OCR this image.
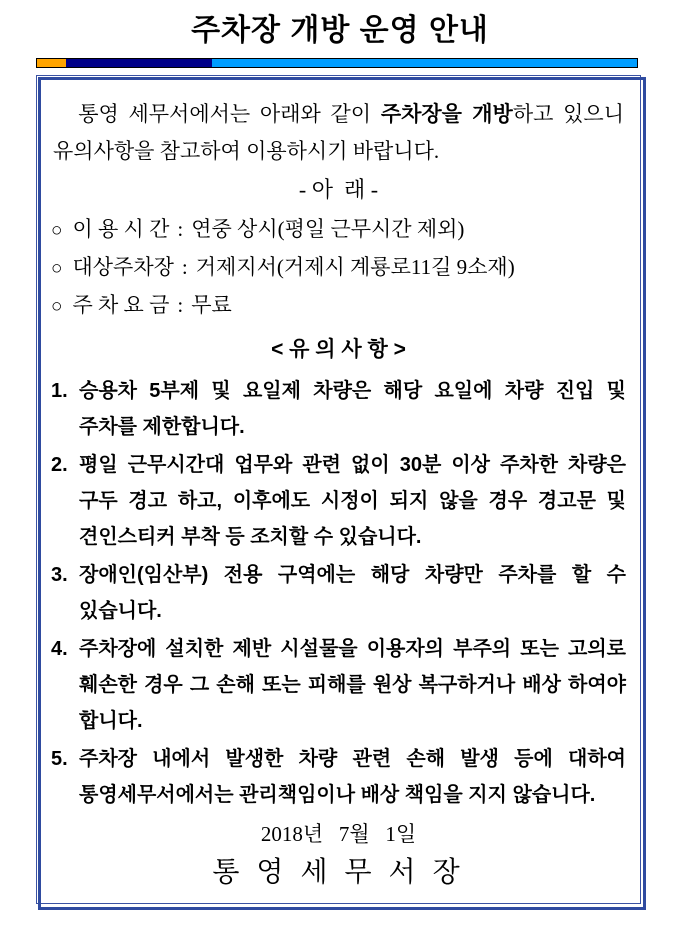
주차장 개방 운영 안내

통영 세무서에서는 아래와 같이 주차장을 개방하고 있으니 유의사항을 참고하여 이용하시기 바랍니다.

- 아  래 -
○ 이 용 시 간 : 연중 상시(평일 근무시간 제외)
○ 대상주차장 : 거제지서(거제시 계룡로11길 9소재)
○ 주 차 요 금 : 무료
< 유 의 사 항 >
1. 승용차 5부제 및 요일제 차량은 해당 요일에 차량 진입 및 주차를 제한합니다.
2. 평일 근무시간대 업무와 관련 없이 30분 이상 주차한 차량은 구두 경고 하고, 이후에도 시정이 되지 않을 경우 경고문 및 견인스티커 부착 등 조치할 수 있습니다.
3. 장애인(임산부) 전용 구역에는 해당 차량만 주차를 할 수 있습니다.
4. 주차장에 설치한 제반 시설물을 이용자의 부주의 또는 고의로 훼손한 경우 그 손해 또는 피해를 원상 복구하거나 배상 하여야 합니다.
5. 주차장 내에서 발생한 차량 관련 손해 발생 등에 대하여 통영세무서에서는 관리책임이나 배상 책임을 지지 않습니다.
2018년   7월   1일
통 영 세 무 서 장
